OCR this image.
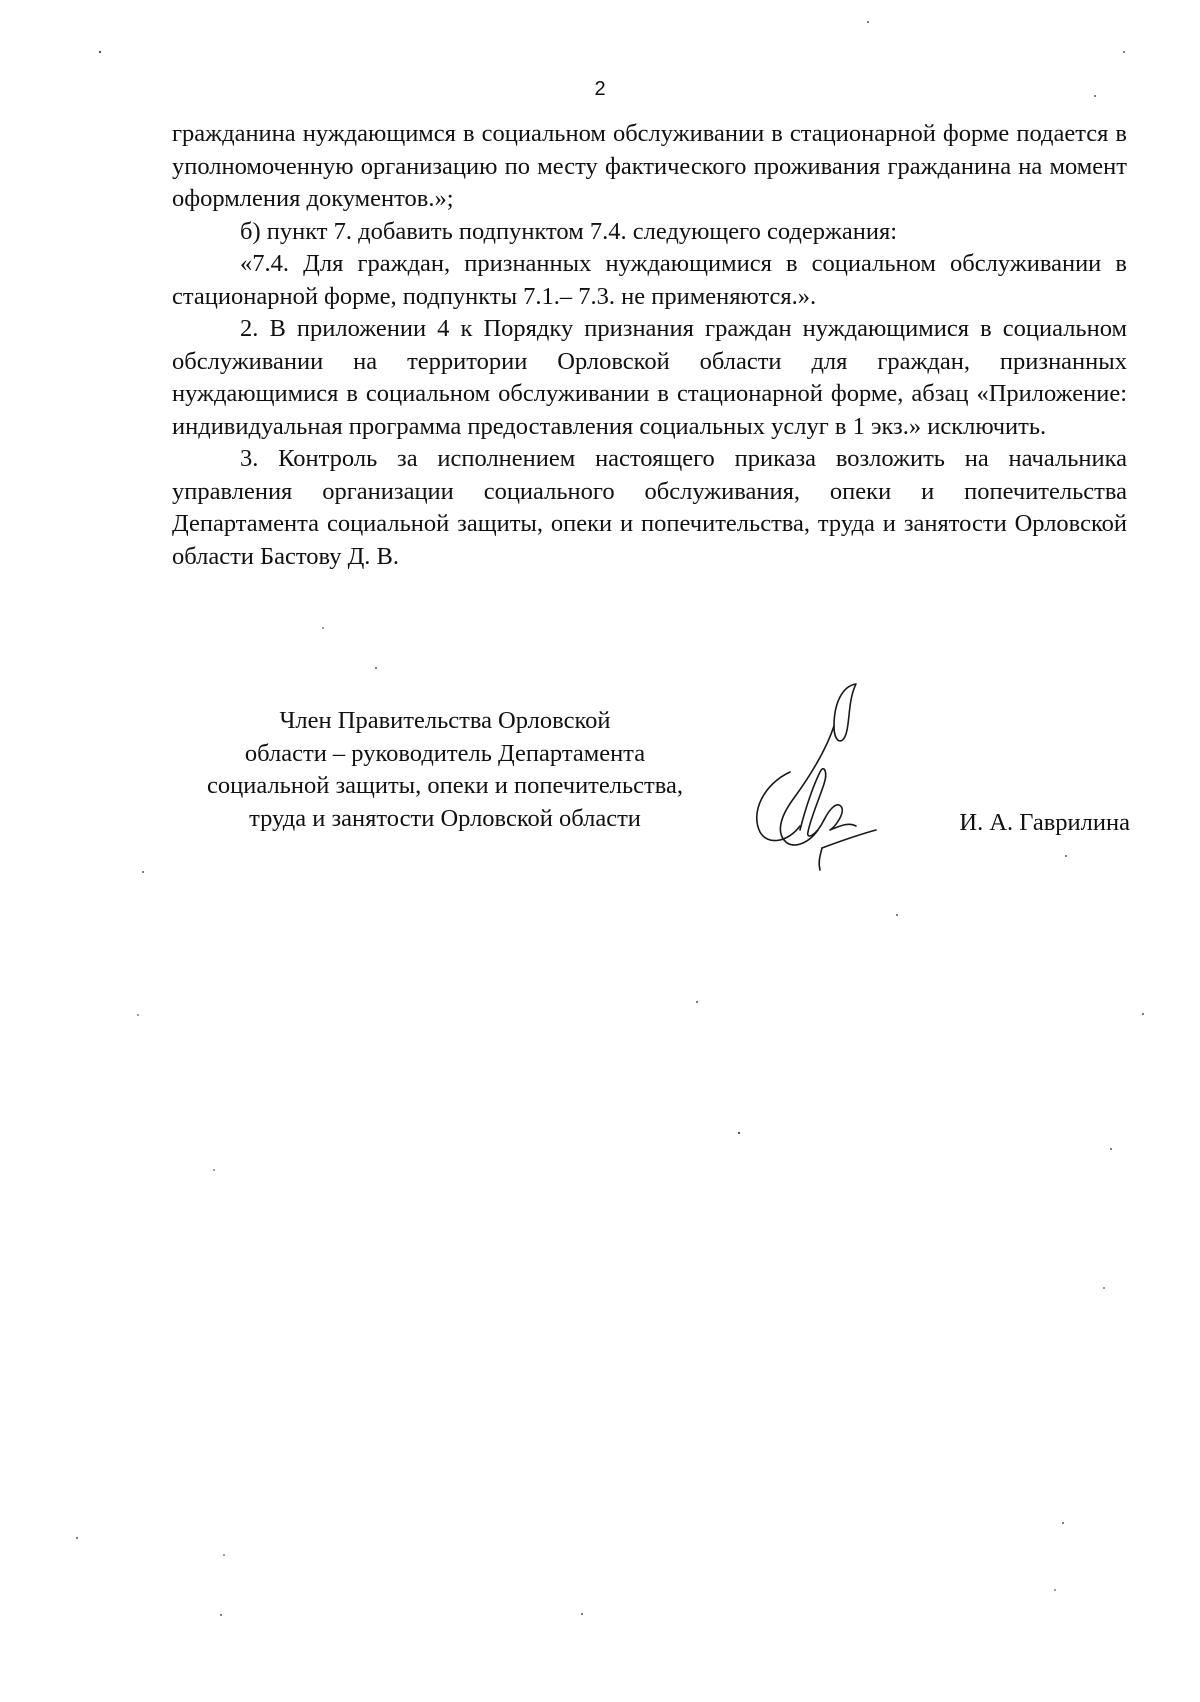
2

гражданина нуждающимся в социальном обслуживании в стационарной форме подается в уполномоченную организацию по месту фактического проживания гражданина на момент оформления документов.»;

б) пункт 7. добавить подпунктом 7.4. следующего содержания:

«7.4. Для граждан, признанных нуждающимися в социальном обслуживании в стационарной форме, подпункты 7.1.– 7.3. не применяются.».

2. В приложении 4 к Порядку признания граждан нуждающимися в социальном обслуживании на территории Орловской области для граждан, признанных нуждающимися в социальном обслуживании в стационарной форме, абзац «Приложение: индивидуальная программа предоставления социальных услуг в 1 экз.» исключить.

3. Контроль за исполнением настоящего приказа возложить на начальника управления организации социального обслуживания, опеки и попечительства Департамента социальной защиты, опеки и попечительства, труда и занятости Орловской области Бастову Д. В.

Член Правительства Орловской
области – руководитель Департамента
социальной защиты, опеки и попечительства,
труда и занятости Орловской области	И. А. Гаврилина
